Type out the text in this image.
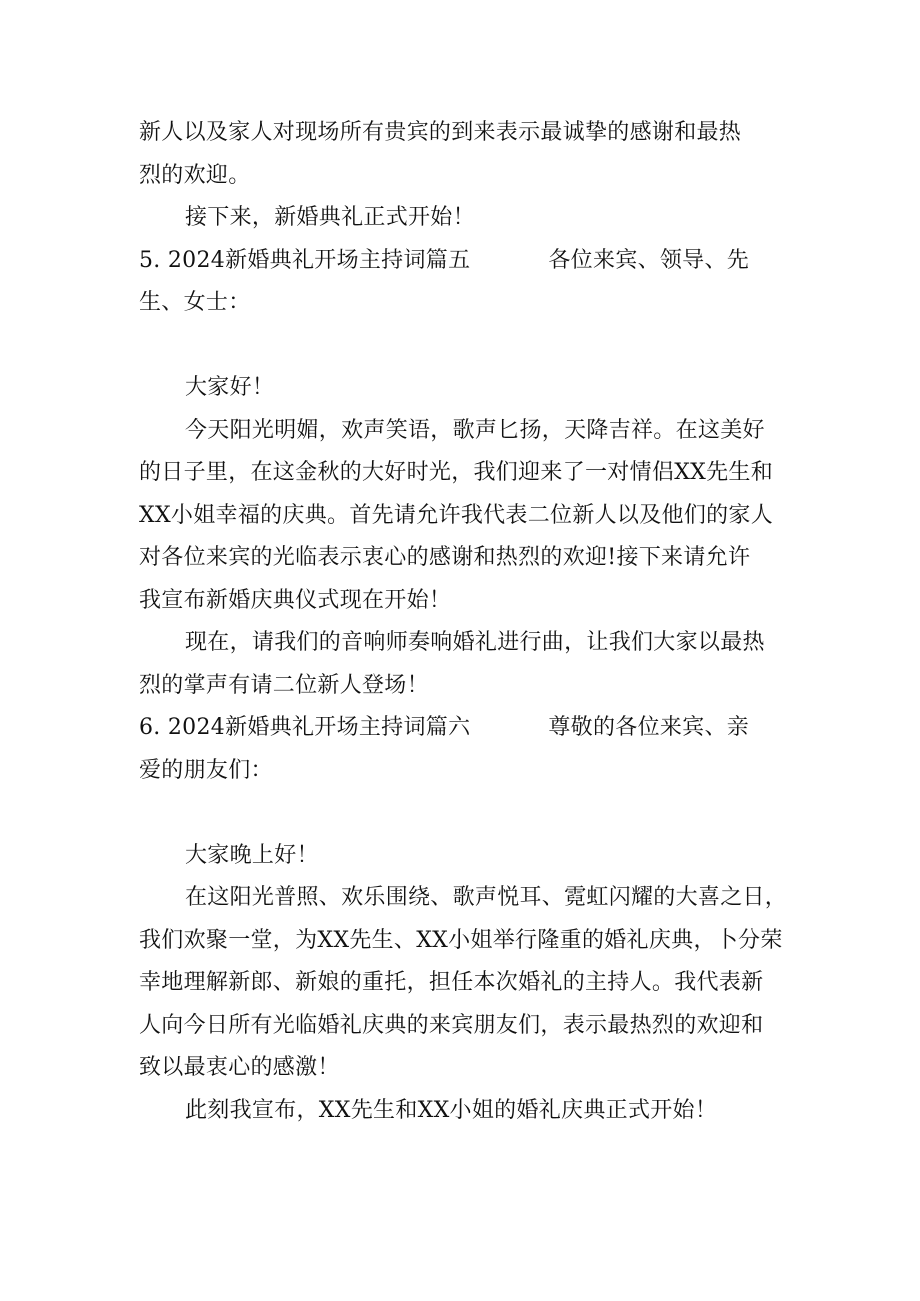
新人以及家人对现场所有贵宾的到来表示最诚挚的感谢和最热
烈的欢迎。
接下来，新婚典礼正式开始！
5. 2024新婚典礼开场主持词篇五	各位来宾、领导、先
生、女士：
大家好！
今天阳光明媚，欢声笑语，歌声匕扬，天降吉祥。在这美好
的日子里，在这金秋的大好时光，我们迎来了一对情侣XX先生和
XX小姐幸福的庆典。首先请允许我代表二位新人以及他们的家人
对各位来宾的光临表示衷心的感谢和热烈的欢迎!接下来请允许
我宣布新婚庆典仪式现在开始！
现在，请我们的音响师奏响婚礼进行曲，让我们大家以最热
烈的掌声有请二位新人登场！
6. 2024新婚典礼开场主持词篇六	尊敬的各位来宾、亲
爱的朋友们：
大家晚上好！
在这阳光普照、欢乐围绕、歌声悦耳、霓虹闪耀的大喜之日，
我们欢聚一堂，为XX先生、XX小姐举行隆重的婚礼庆典，卜分荣
幸地理解新郎、新娘的重托，担任本次婚礼的主持人。我代表新
人向今日所有光临婚礼庆典的来宾朋友们，表示最热烈的欢迎和
致以最衷心的感激！
此刻我宣布，XX先生和XX小姐的婚礼庆典正式开始！
